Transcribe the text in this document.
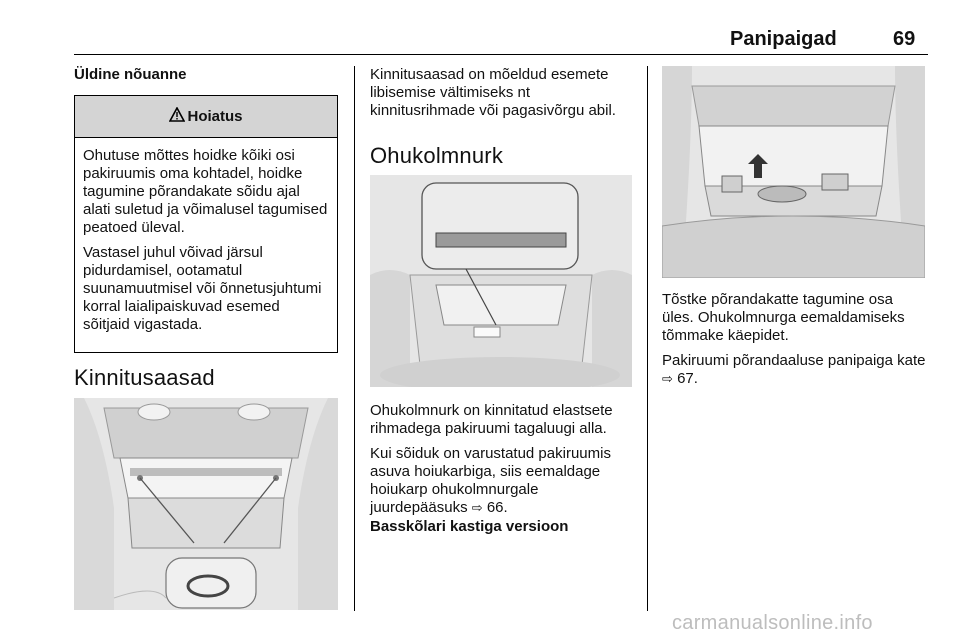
Panipaigad	69
Üldine nõuanne
Hoiatus

Ohutuse mõttes hoidke kõiki osi pakiruumis oma kohtadel, hoidke tagumine põrandakate sõidu ajal alati suletud ja võimalusel tagumised peatoed üleval.

Vastasel juhul võivad järsul pidurdamisel, ootamatul suunamuutmisel või õnnetusjuhtumi korral laialipaiskuvad esemed sõitjaid vigastada.

Kinnitusaasad
Kinnitusaasad on mõeldud esemete libisemise vältimiseks nt kinnitusrihmade või pagasivõrgu abil.
Ohukolmnurk

Ohukolmnurk on kinnitatud elastsete rihmadega pakiruumi tagaluugi alla.

Kui sõiduk on varustatud pakiruumis asuva hoiukarbiga, siis eemaldage hoiukarp ohukolmnurgale juurdepääsuks ⇨ 66.

Basskõlari kastiga versioon

Tõstke põrandakatte tagumine osa üles. Ohukolmnurga eemaldamiseks tõmmake käepidet.

Pakiruumi põrandaaluse panipaiga kate ⇨ 67.

carmanualsonline.info
